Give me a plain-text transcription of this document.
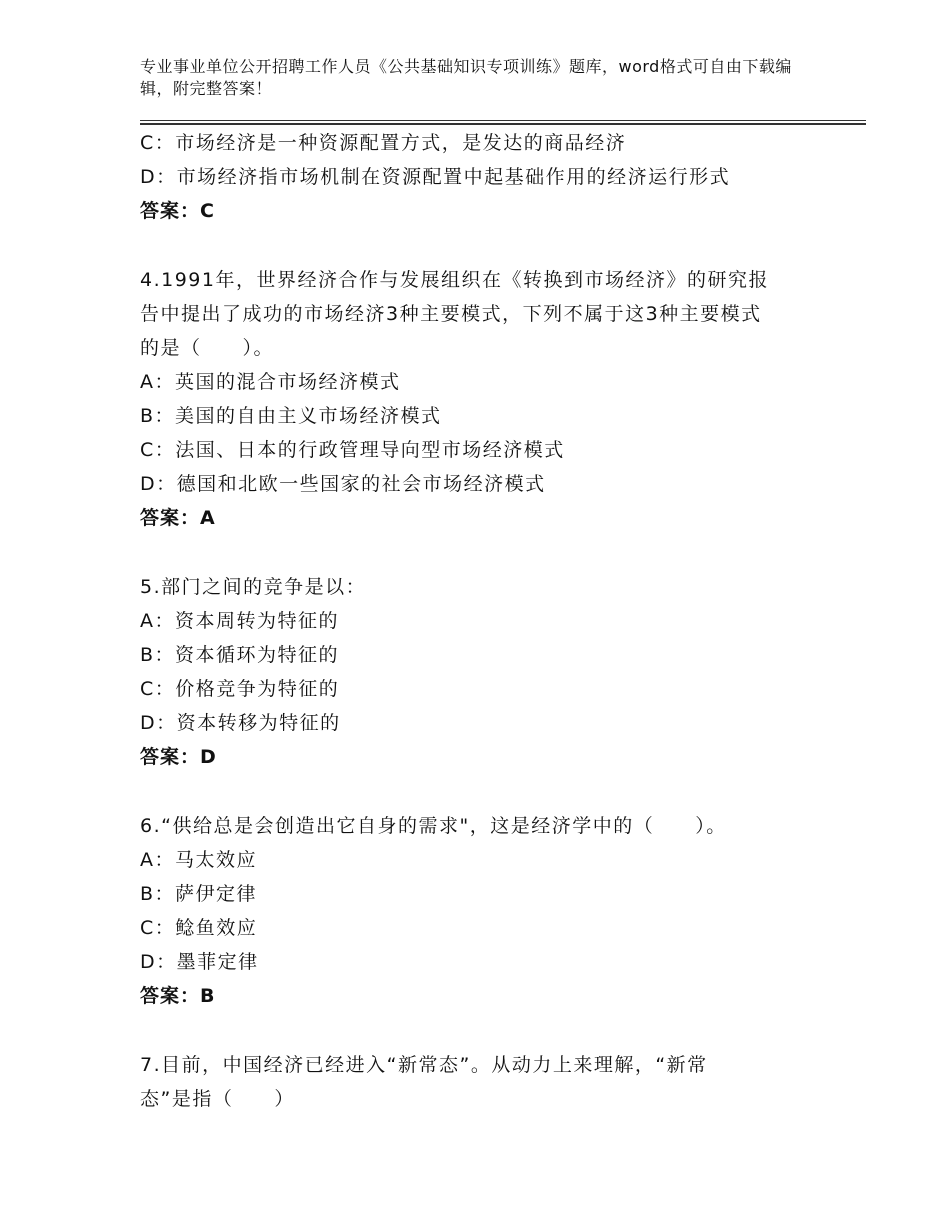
专业事业单位公开招聘工作人员《公共基础知识专项训练》题库，word格式可自由下载编辑，附完整答案！
C：市场经济是一种资源配置方式，是发达的商品经济
D：市场经济指市场机制在资源配置中起基础作用的经济运行形式
答案：C
4.1991年，世界经济合作与发展组织在《转换到市场经济》的研究报
告中提出了成功的市场经济3种主要模式，下列不属于这3种主要模式
的是（　　）。
A：英国的混合市场经济模式
B：美国的自由主义市场经济模式
C：法国、日本的行政管理导向型市场经济模式
D：德国和北欧一些国家的社会市场经济模式
答案：A
5.部门之间的竞争是以：
A：资本周转为特征的
B：资本循环为特征的
C：价格竞争为特征的
D：资本转移为特征的
答案：D
6.“供给总是会创造出它自身的需求"，这是经济学中的（　　）。
A：马太效应
B：萨伊定律
C：鲶鱼效应
D：墨菲定律
答案：B
7.目前，中国经济已经进入“新常态”。从动力上来理解，“新常
态”是指（　　）
